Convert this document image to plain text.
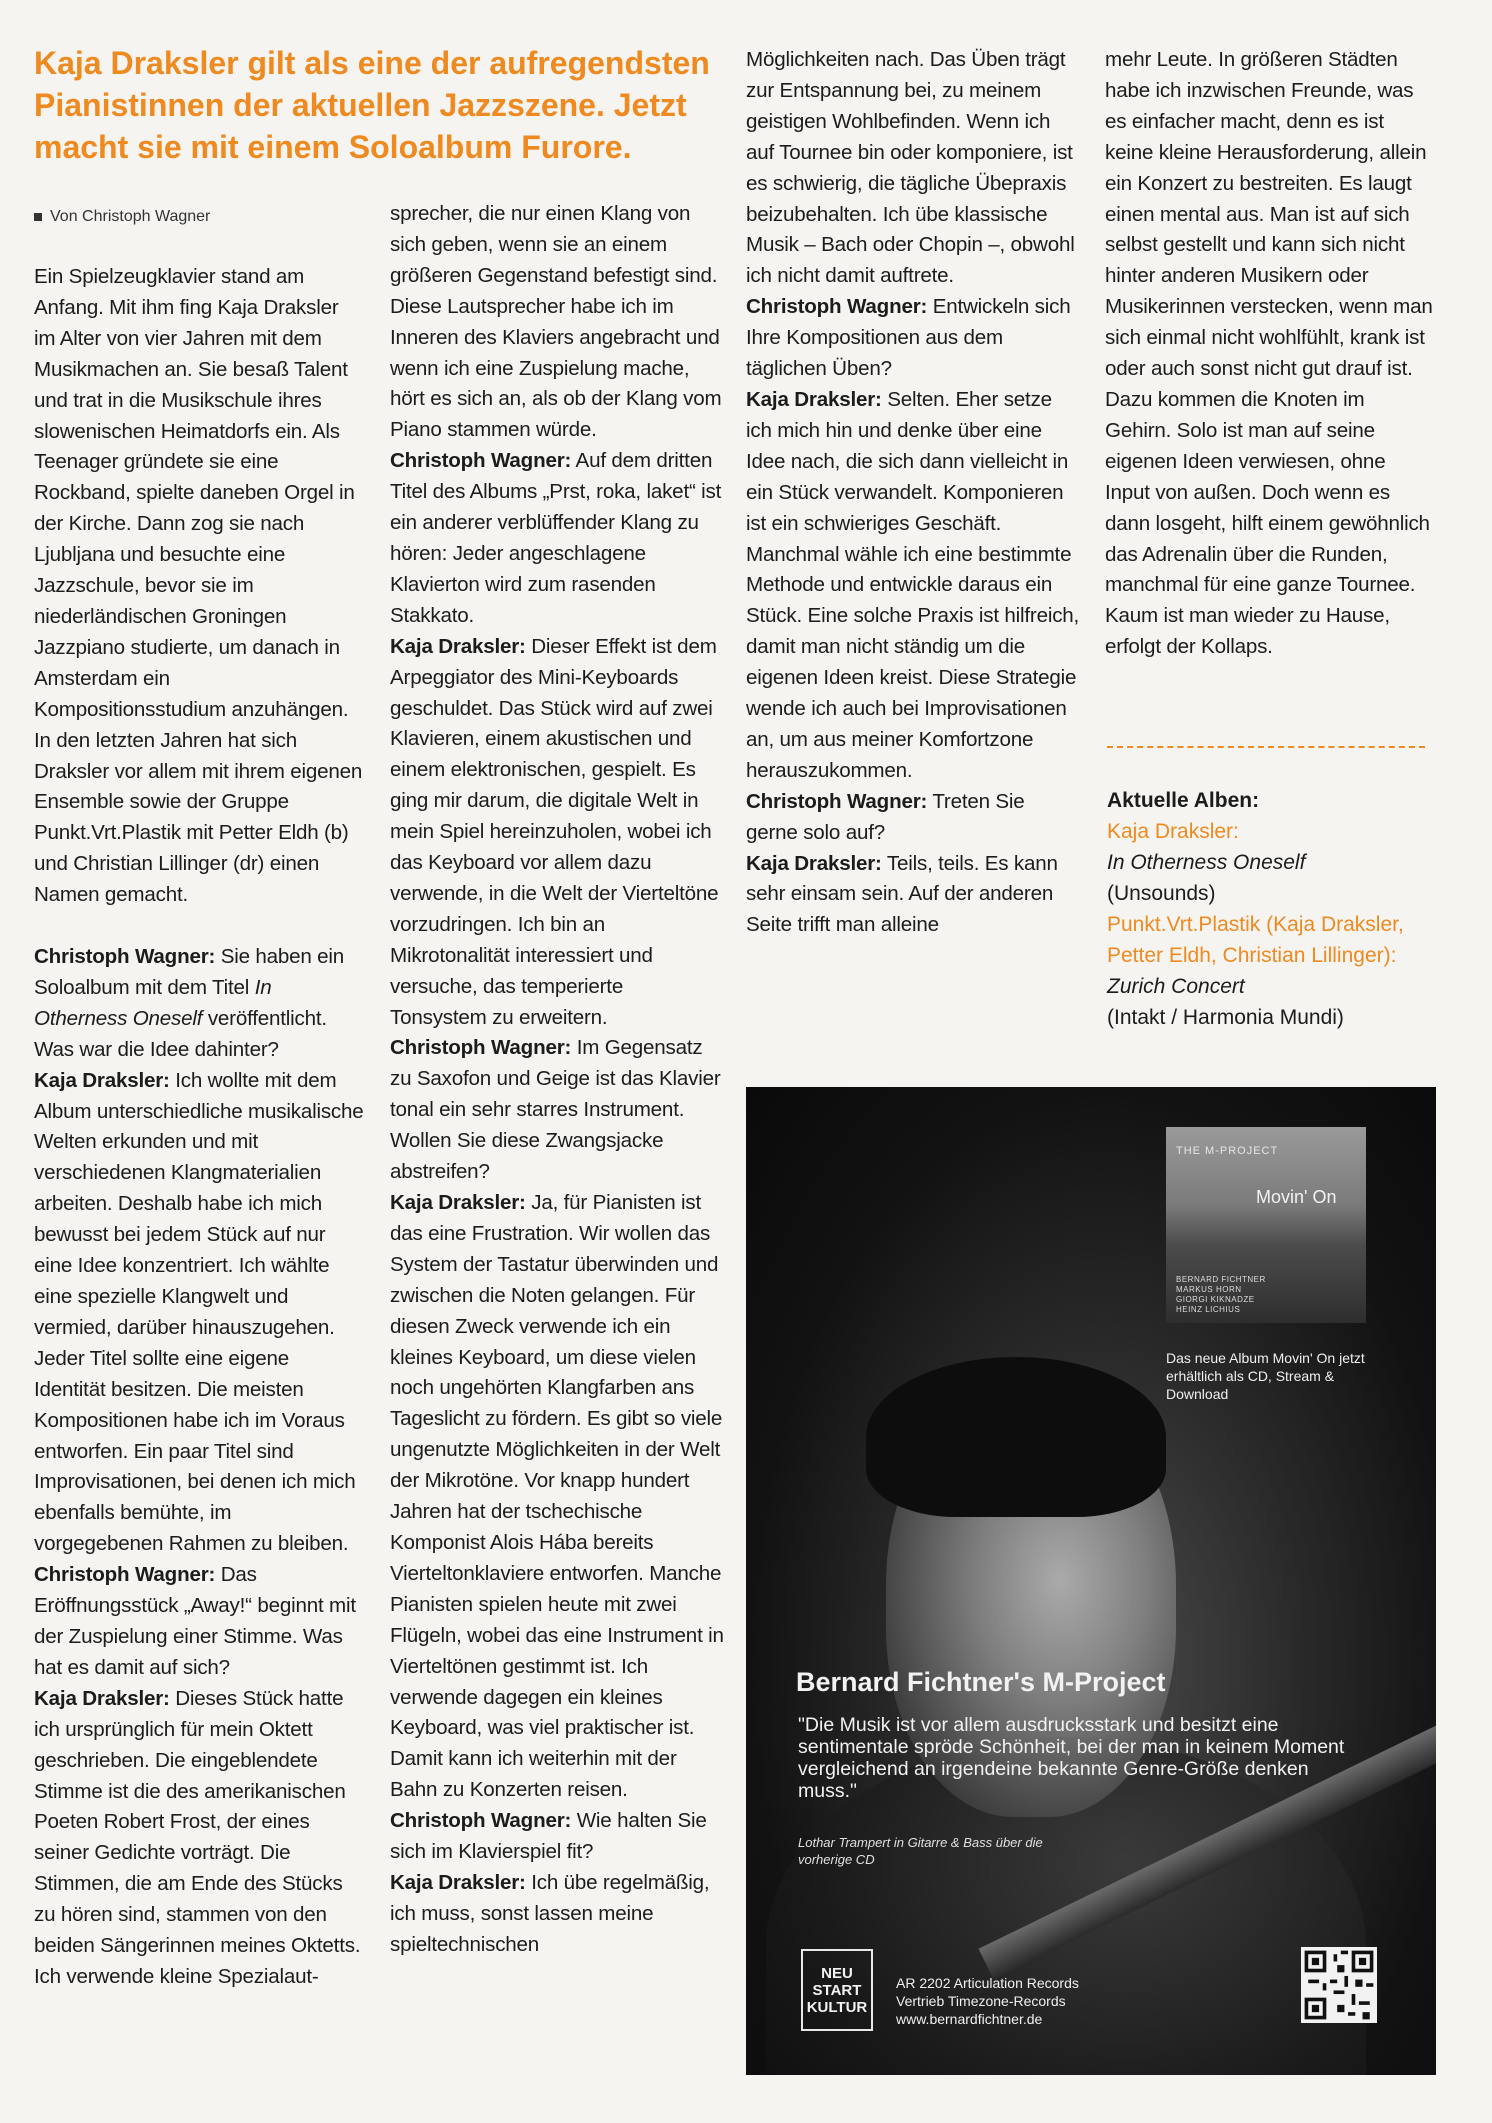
Kaja Draksler gilt als eine der aufregendsten Pianistinnen der aktuellen Jazzszene. Jetzt macht sie mit einem Soloalbum Furore.
Von Christoph Wagner

Ein Spielzeugklavier stand am Anfang. Mit ihm fing Kaja Draksler im Alter von vier Jahren mit dem Musikmachen an. Sie besaß Talent und trat in die Musikschule ihres slowenischen Heimatdorfs ein. Als Teenager gründete sie eine Rockband, spielte daneben Orgel in der Kirche. Dann zog sie nach Ljubljana und besuchte eine Jazzschule, bevor sie im niederländischen Groningen Jazzpiano studierte, um danach in Amsterdam ein Kompositionsstudium anzuhängen. In den letzten Jahren hat sich Draksler vor allem mit ihrem eigenen Ensemble sowie der Gruppe Punkt.Vrt.Plastik mit Petter Eldh (b) und Christian Lillinger (dr) einen Namen gemacht.

Christoph Wagner: Sie haben ein Soloalbum mit dem Titel In Otherness Oneself veröffentlicht. Was war die Idee dahinter?

Kaja Draksler: Ich wollte mit dem Album unterschiedliche musikalische Welten erkunden und mit verschiedenen Klangmaterialien arbeiten. Deshalb habe ich mich bewusst bei jedem Stück auf nur eine Idee konzentriert. Ich wählte eine spezielle Klangwelt und vermied, darüber hinauszugehen. Jeder Titel sollte eine eigene Identität besitzen. Die meisten Kompositionen habe ich im Voraus entworfen. Ein paar Titel sind Improvisationen, bei denen ich mich ebenfalls bemühte, im vorgegebenen Rahmen zu bleiben.

Christoph Wagner: Das Eröffnungsstück „Away!“ beginnt mit der Zuspielung einer Stimme. Was hat es damit auf sich?

Kaja Draksler: Dieses Stück hatte ich ursprünglich für mein Oktett geschrieben. Die eingeblendete Stimme ist die des amerikanischen Poeten Robert Frost, der eines seiner Gedichte vorträgt. Die Stimmen, die am Ende des Stücks zu hören sind, stammen von den beiden Sängerinnen meines Oktetts. Ich verwende kleine Spezialaut-

sprecher, die nur einen Klang von sich geben, wenn sie an einem größeren Gegenstand befestigt sind. Diese Lautsprecher habe ich im Inneren des Klaviers angebracht und wenn ich eine Zuspielung mache, hört es sich an, als ob der Klang vom Piano stammen würde.

Christoph Wagner: Auf dem dritten Titel des Albums „Prst, roka, laket“ ist ein anderer verblüffender Klang zu hören: Jeder angeschlagene Klavierton wird zum rasenden Stakkato.

Kaja Draksler: Dieser Effekt ist dem Arpeggiator des Mini-Keyboards geschuldet. Das Stück wird auf zwei Klavieren, einem akustischen und einem elektronischen, gespielt. Es ging mir darum, die digitale Welt in mein Spiel hereinzuholen, wobei ich das Keyboard vor allem dazu verwende, in die Welt der Vierteltöne vorzudringen. Ich bin an Mikrotonalität interessiert und versuche, das temperierte Tonsystem zu erweitern.

Christoph Wagner: Im Gegensatz zu Saxofon und Geige ist das Klavier tonal ein sehr starres Instrument. Wollen Sie diese Zwangsjacke abstreifen?

Kaja Draksler: Ja, für Pianisten ist das eine Frustration. Wir wollen das System der Tastatur überwinden und zwischen die Noten gelangen. Für diesen Zweck verwende ich ein kleines Keyboard, um diese vielen noch ungehörten Klangfarben ans Tageslicht zu fördern. Es gibt so viele ungenutzte Möglichkeiten in der Welt der Mikrotöne. Vor knapp hundert Jahren hat der tschechische Komponist Alois Hába bereits Vierteltonklaviere entworfen. Manche Pianisten spielen heute mit zwei Flügeln, wobei das eine Instrument in Vierteltönen gestimmt ist. Ich verwende dagegen ein kleines Keyboard, was viel praktischer ist. Damit kann ich weiterhin mit der Bahn zu Konzerten reisen.

Christoph Wagner: Wie halten Sie sich im Klavierspiel fit?

Kaja Draksler: Ich übe regelmäßig, ich muss, sonst lassen meine spieltechnischen

Möglichkeiten nach. Das Üben trägt zur Entspannung bei, zu meinem geistigen Wohlbefinden. Wenn ich auf Tournee bin oder komponiere, ist es schwierig, die tägliche Übepraxis beizubehalten. Ich übe klassische Musik – Bach oder Chopin –, obwohl ich nicht damit auftrete.

Christoph Wagner: Entwickeln sich Ihre Kompositionen aus dem täglichen Üben?

Kaja Draksler: Selten. Eher setze ich mich hin und denke über eine Idee nach, die sich dann vielleicht in ein Stück verwandelt. Komponieren ist ein schwieriges Geschäft. Manchmal wähle ich eine bestimmte Methode und entwickle daraus ein Stück. Eine solche Praxis ist hilfreich, damit man nicht ständig um die eigenen Ideen kreist. Diese Strategie wende ich auch bei Improvisationen an, um aus meiner Komfortzone herauszukommen.

Christoph Wagner: Treten Sie gerne solo auf?

Kaja Draksler: Teils, teils. Es kann sehr einsam sein. Auf der anderen Seite trifft man alleine

mehr Leute. In größeren Städten habe ich inzwischen Freunde, was es einfacher macht, denn es ist keine kleine Herausforderung, allein ein Konzert zu bestreiten. Es laugt einen mental aus. Man ist auf sich selbst gestellt und kann sich nicht hinter anderen Musikern oder Musikerinnen verstecken, wenn man sich einmal nicht wohlfühlt, krank ist oder auch sonst nicht gut drauf ist. Dazu kommen die Knoten im Gehirn. Solo ist man auf seine eigenen Ideen verwiesen, ohne Input von außen. Doch wenn es dann losgeht, hilft einem gewöhnlich das Adrenalin über die Runden, manchmal für eine ganze Tournee. Kaum ist man wieder zu Hause, erfolgt der Kollaps.

Aktuelle Alben:
Kaja Draksler:
In Otherness Oneself
(Unsounds)
Punkt.Vrt.Plastik (Kaja Draksler, Petter Eldh, Christian Lillinger):
Zurich Concert
(Intakt / Harmonia Mundi)
THE M-PROJECT
Movin' On
BERNARD FICHTNER
MARKUS HORN
GIORGI KIKNADZE
HEINZ LICHIUS
Das neue Album Movin' On jetzt erhältlich als CD, Stream & Download
Bernard Fichtner's M-Project
"Die Musik ist vor allem ausdrucksstark und besitzt eine sentimentale spröde Schönheit, bei der man in keinem Moment vergleichend an irgendeine bekannte Genre-Größe denken muss."
Lothar Trampert in Gitarre & Bass über die vorherige CD
NEU
START
KULTUR
AR 2202 Articulation Records
Vertrieb Timezone-Records
www.bernardfichtner.de
